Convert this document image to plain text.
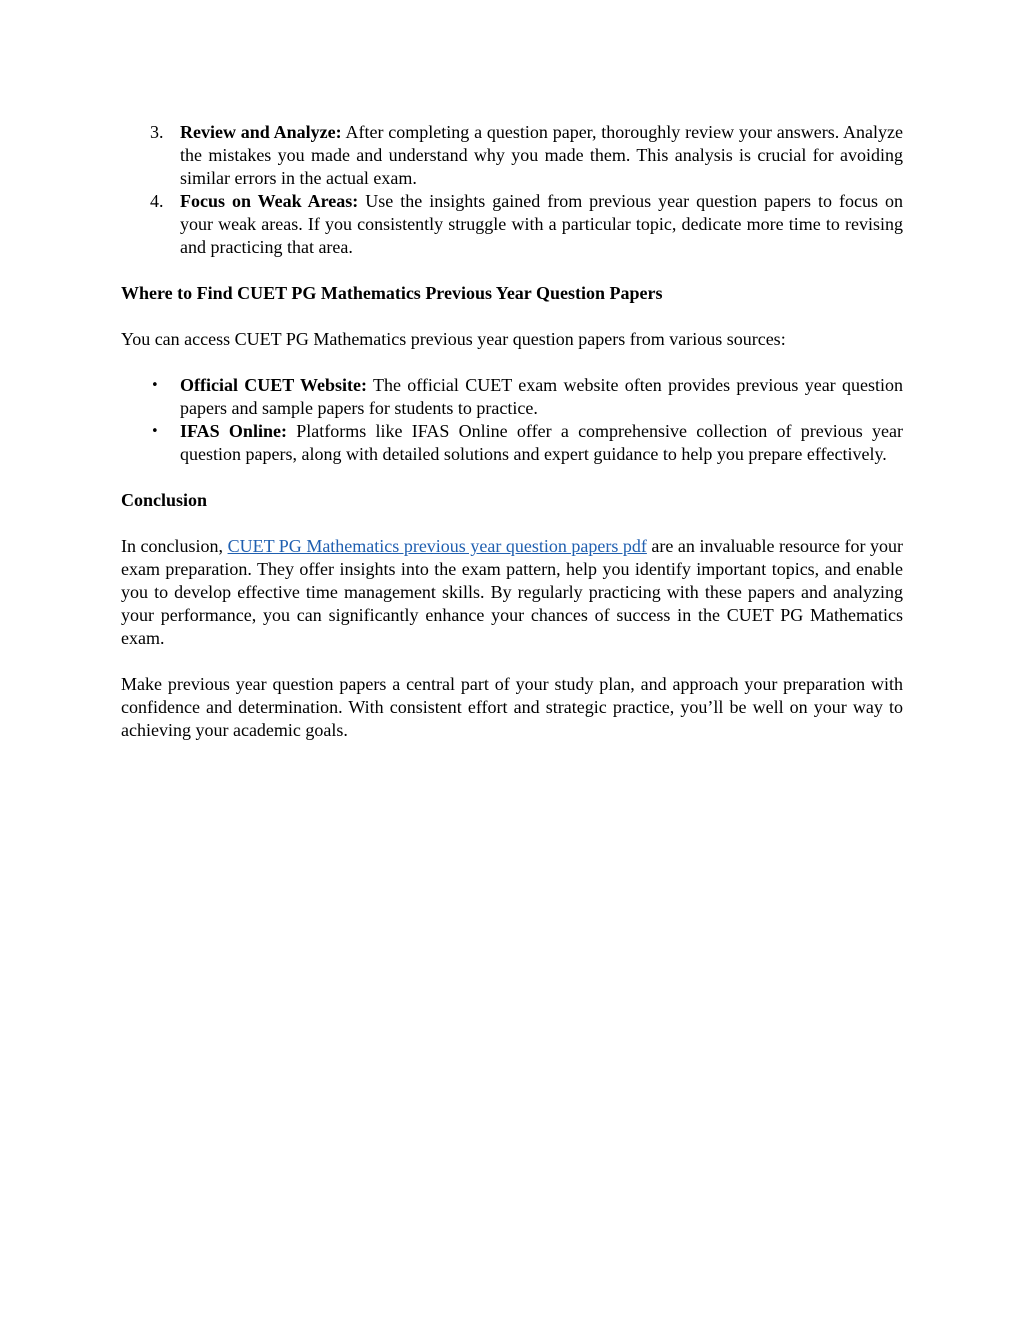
3. Review and Analyze: After completing a question paper, thoroughly review your answers. Analyze the mistakes you made and understand why you made them. This analysis is crucial for avoiding similar errors in the actual exam.
4. Focus on Weak Areas: Use the insights gained from previous year question papers to focus on your weak areas. If you consistently struggle with a particular topic, dedicate more time to revising and practicing that area.

Where to Find CUET PG Mathematics Previous Year Question Papers

You can access CUET PG Mathematics previous year question papers from various sources:

• Official CUET Website: The official CUET exam website often provides previous year question papers and sample papers for students to practice.
• IFAS Online: Platforms like IFAS Online offer a comprehensive collection of previous year question papers, along with detailed solutions and expert guidance to help you prepare effectively.

Conclusion

In conclusion, CUET PG Mathematics previous year question papers pdf are an invaluable resource for your exam preparation. They offer insights into the exam pattern, help you identify important topics, and enable you to develop effective time management skills. By regularly practicing with these papers and analyzing your performance, you can significantly enhance your chances of success in the CUET PG Mathematics exam.

Make previous year question papers a central part of your study plan, and approach your preparation with confidence and determination. With consistent effort and strategic practice, you’ll be well on your way to achieving your academic goals.
